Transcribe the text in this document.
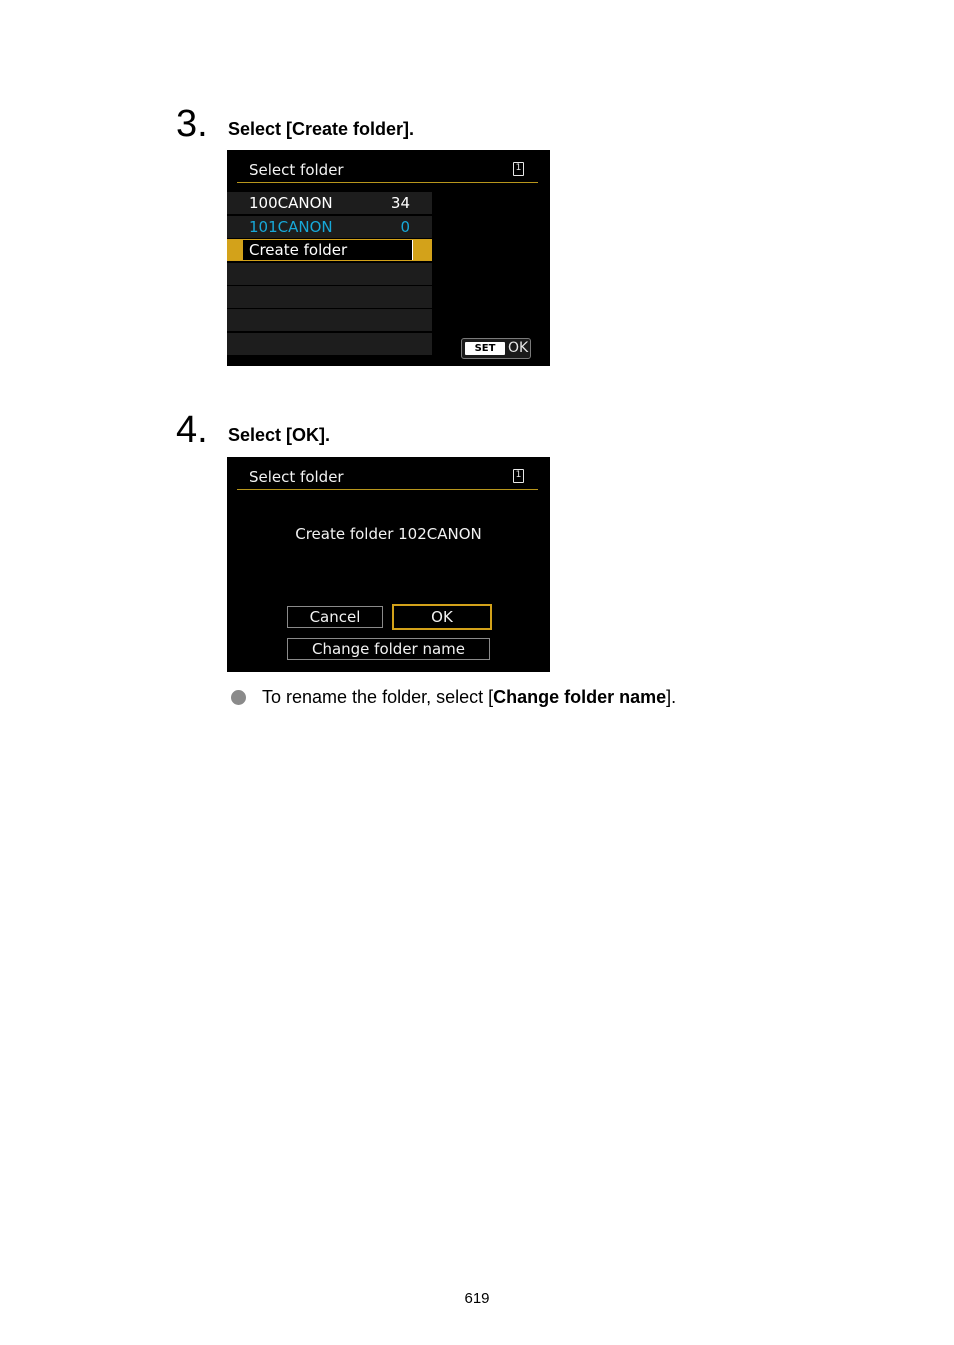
3. Select [Create folder].
Select folder	1
100CANON	34
101CANON	0
Create folder
SET OK
4. Select [OK].
Select folder	1
Create folder 102CANON
Cancel	OK
Change folder name
To rename the folder, select [Change folder name].
619
